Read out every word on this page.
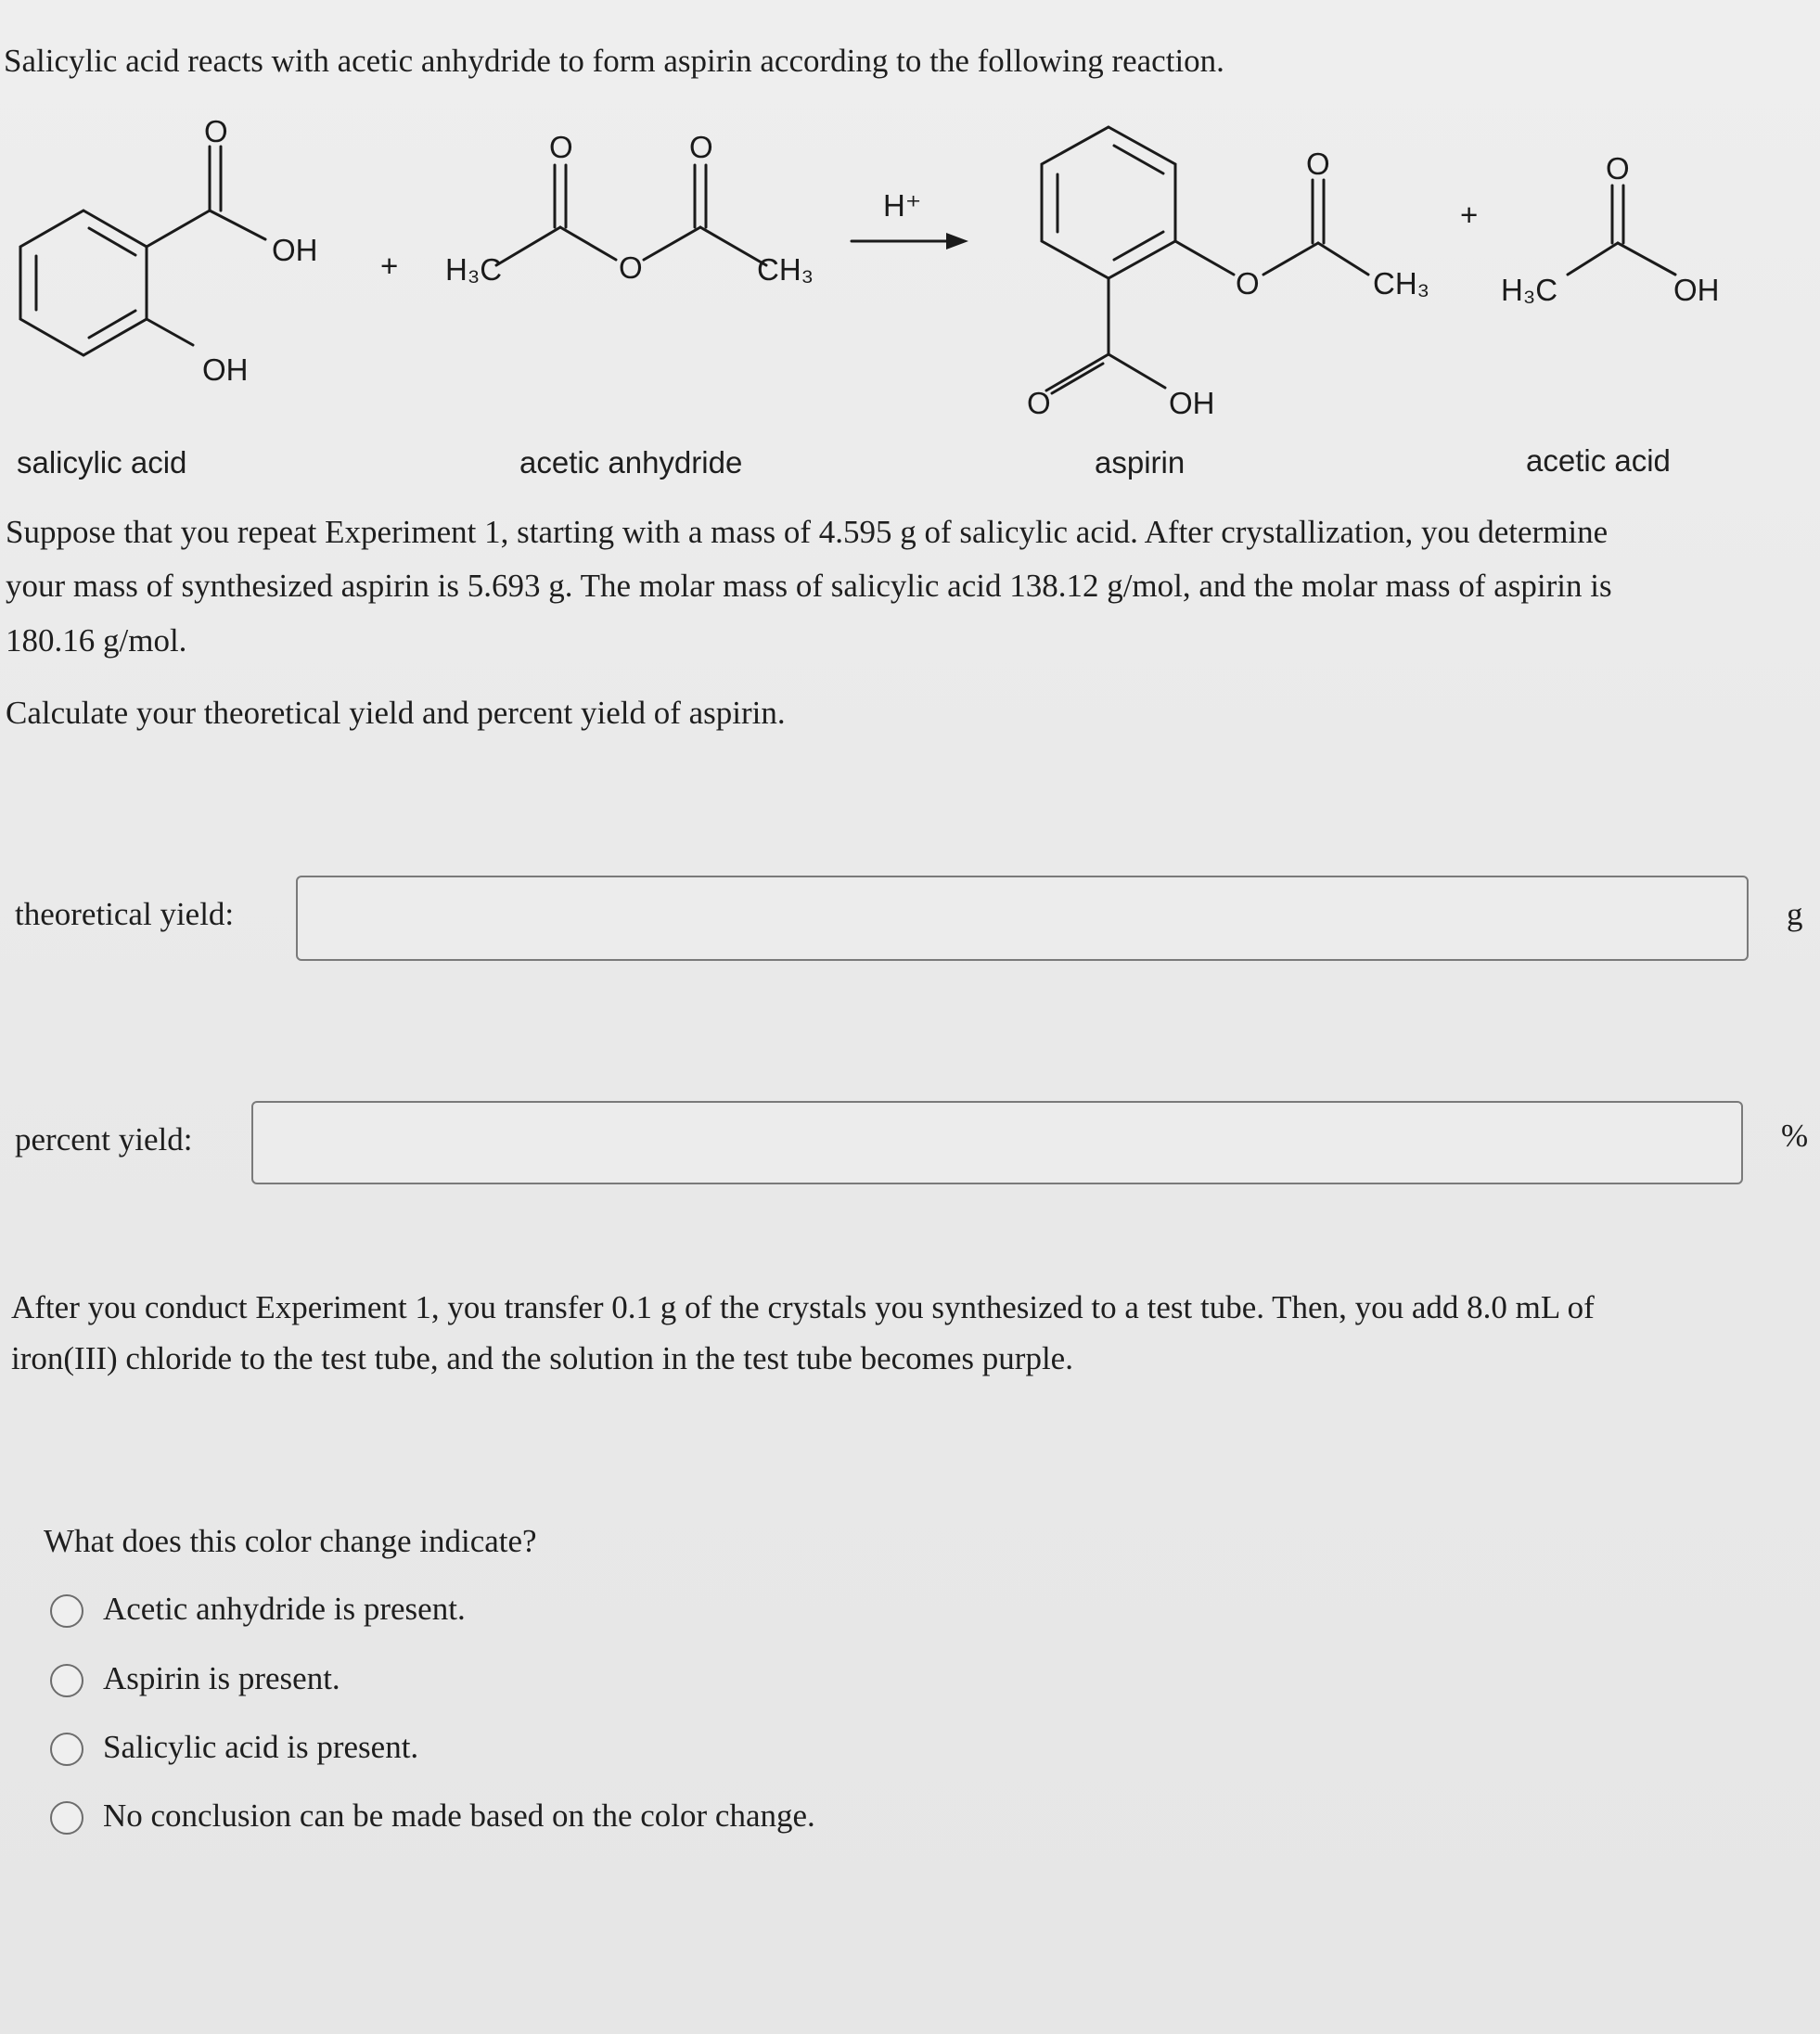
Salicylic acid reacts with acetic anhydride to form aspirin according to the following reaction.
O
OH
OH
+ H₃C
O	O
O	CH₃
H⁺
O
O
CH₃
O	OH
+
H₃C
O
OH
salicylic acid	acetic anhydride	aspirin	acetic acid
Suppose that you repeat Experiment 1, starting with a mass of 4.595 g of salicylic acid. After crystallization, you determine
your mass of synthesized aspirin is 5.693 g. The molar mass of salicylic acid 138.12 g/mol, and the molar mass of aspirin is
180.16 g/mol.
Calculate your theoretical yield and percent yield of aspirin.
theoretical yield:	g
percent yield:	%
After you conduct Experiment 1, you transfer 0.1 g of the crystals you synthesized to a test tube. Then, you add 8.0 mL of
iron(III) chloride to the test tube, and the solution in the test tube becomes purple.
What does this color change indicate?
Acetic anhydride is present.
Aspirin is present.
Salicylic acid is present.
No conclusion can be made based on the color change.
